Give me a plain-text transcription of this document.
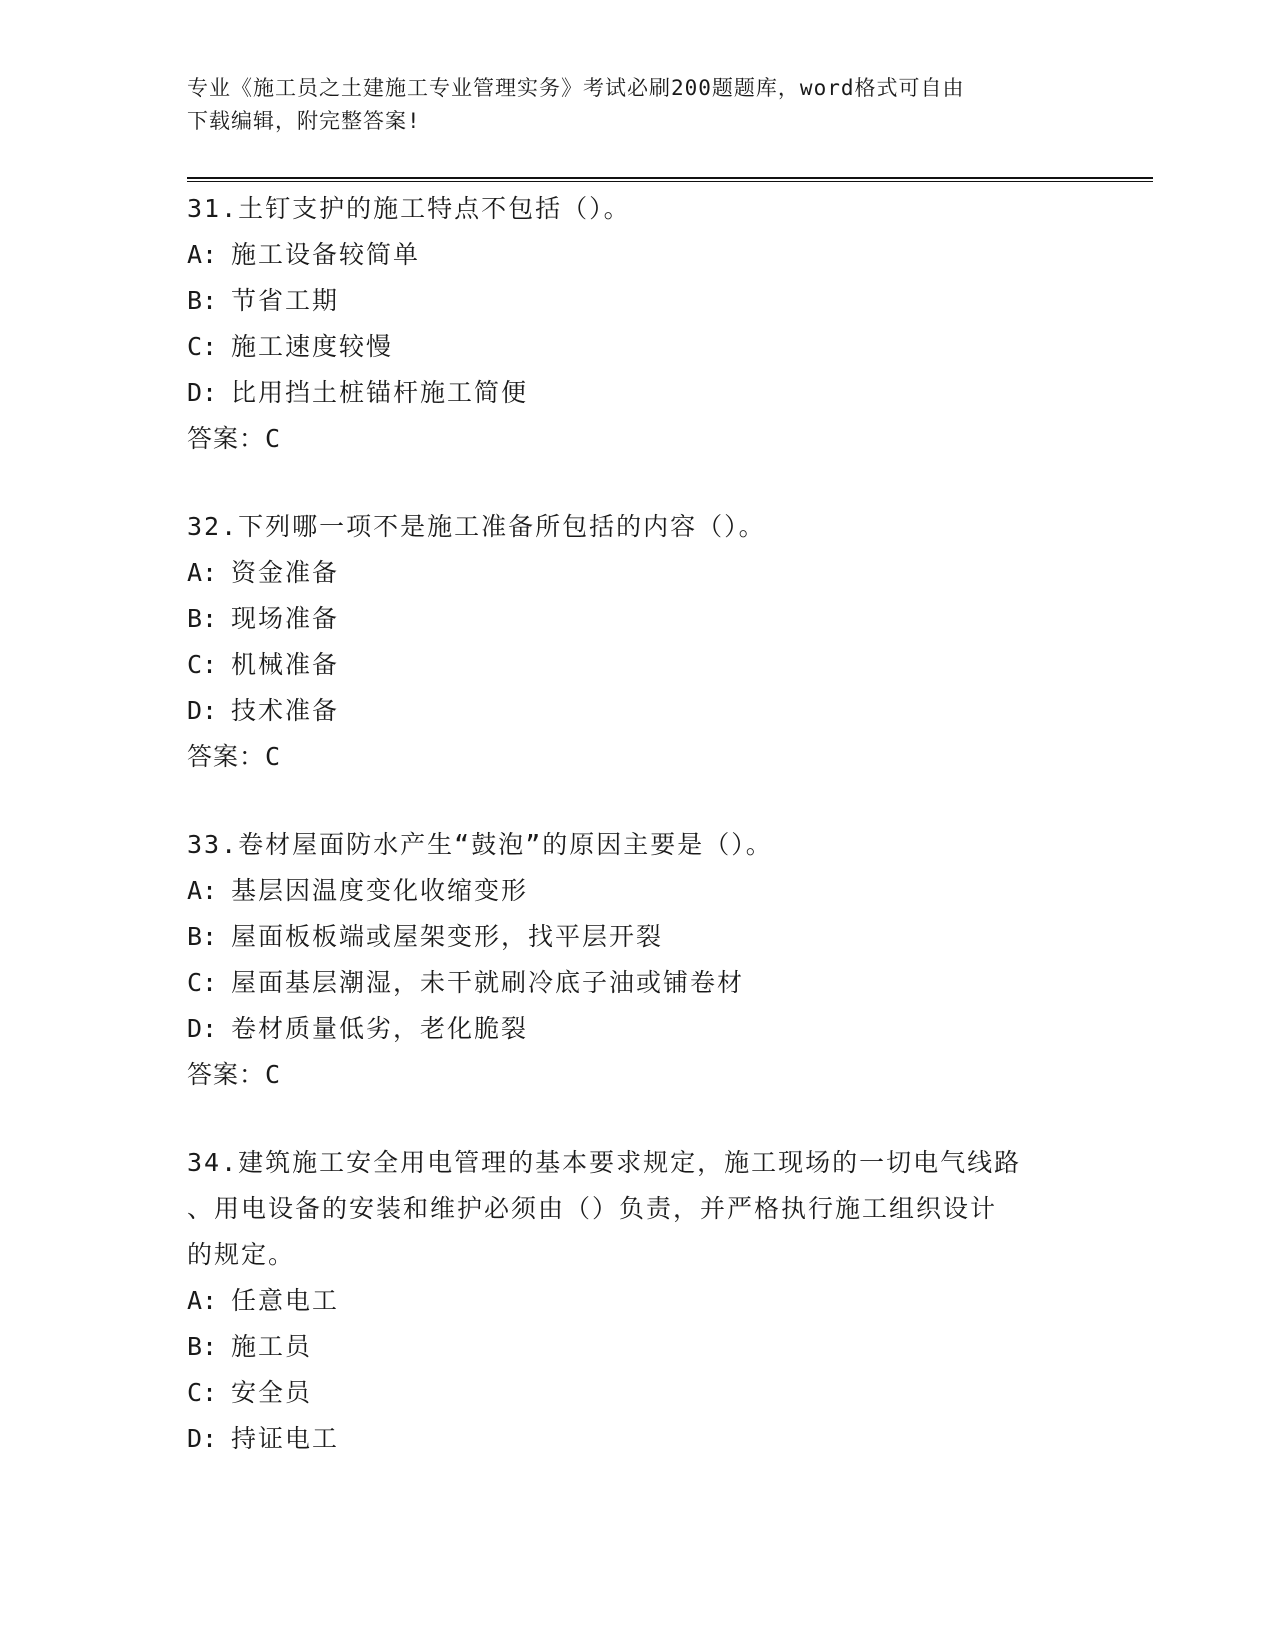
专业《施工员之土建施工专业管理实务》考试必刷200题题库，word格式可自由
下载编辑，附完整答案!
31.土钉支护的施工特点不包括（）。
A: 施工设备较简单
B: 节省工期
C: 施工速度较慢
D: 比用挡土桩锚杆施工简便
答案：C
32.下列哪一项不是施工准备所包括的内容（）。
A: 资金准备
B: 现场准备
C: 机械准备
D: 技术准备
答案：C
33.卷材屋面防水产生“鼓泡”的原因主要是（）。
A: 基层因温度变化收缩变形
B: 屋面板板端或屋架变形，找平层开裂
C: 屋面基层潮湿，未干就刷冷底子油或铺卷材
D: 卷材质量低劣，老化脆裂
答案：C
34.建筑施工安全用电管理的基本要求规定，施工现场的一切电气线路
、用电设备的安装和维护必须由（）负责，并严格执行施工组织设计
的规定。
A: 任意电工
B: 施工员
C: 安全员
D: 持证电工
